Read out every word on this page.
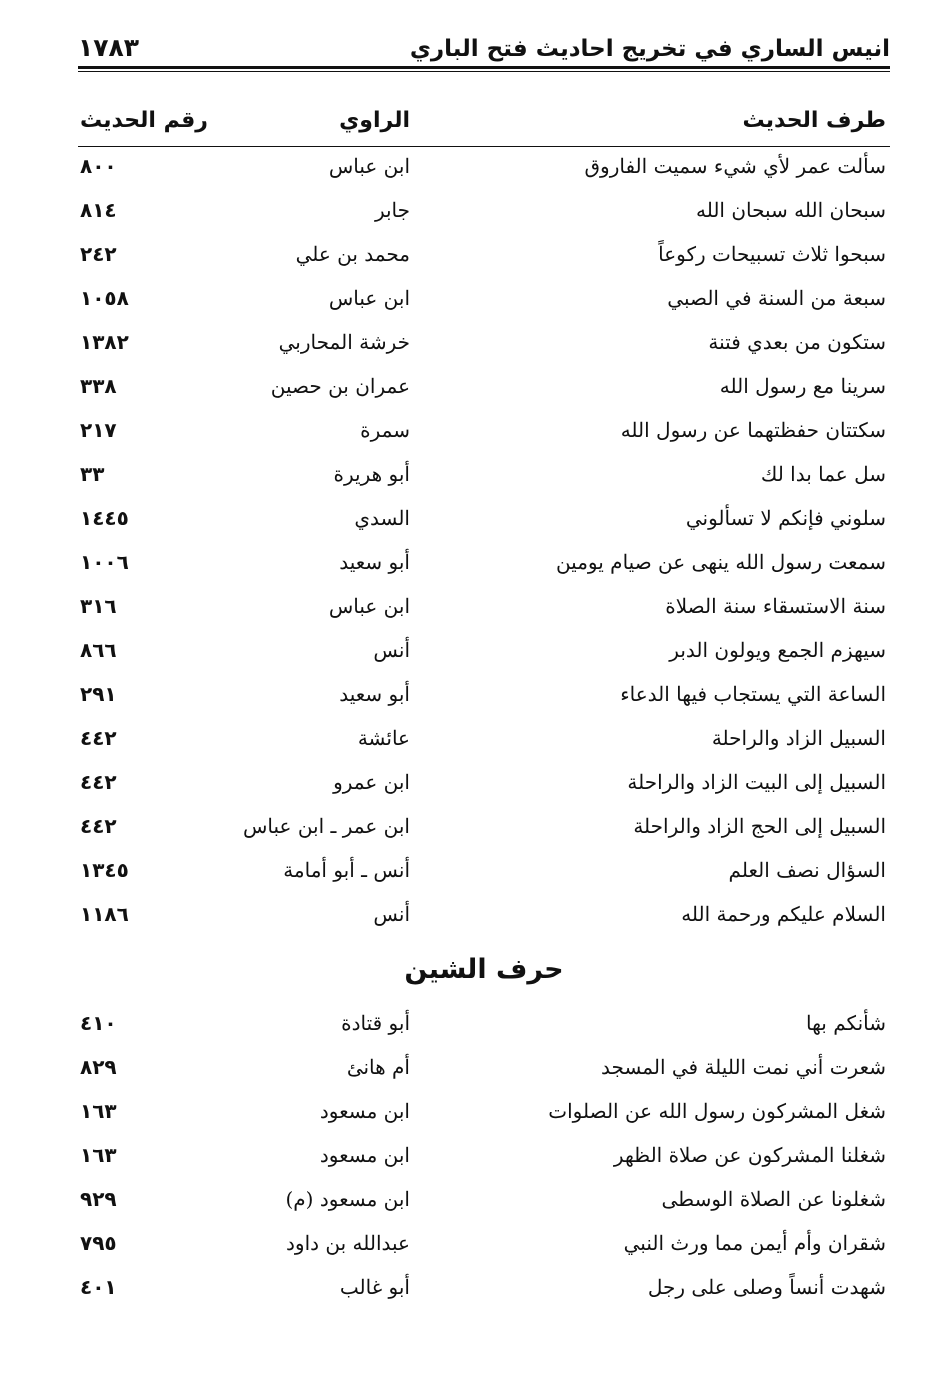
انيس الساري في تخريج احاديث فتح الباري
١٧٨٣
طرف الحديث
الراوي
رقم الحديث
سألت عمر لأي شيء سميت الفاروق
ابن عباس
٨٠٠
سبحان الله سبحان الله
جابر
٨١٤
سبحوا ثلاث تسبيحات ركوعاً
محمد بن علي
٢٤٢
سبعة من السنة في الصبي
ابن عباس
١٠٥٨
ستكون من بعدي فتنة
خرشة المحاربي
١٣٨٢
سرينا مع رسول الله
عمران بن حصين
٣٣٨
سكتتان حفظتهما عن رسول الله
سمرة
٢١٧
سل عما بدا لك
أبو هريرة
٣٣
سلوني فإنكم لا تسألوني
السدي
١٤٤٥
سمعت رسول الله ينهى عن صيام يومين
أبو سعيد
١٠٠٦
سنة الاستسقاء سنة الصلاة
ابن عباس
٣١٦
سيهزم الجمع ويولون الدبر
أنس
٨٦٦
الساعة التي يستجاب فيها الدعاء
أبو سعيد
٢٩١
السبيل الزاد والراحلة
عائشة
٤٤٢
السبيل إلى البيت الزاد والراحلة
ابن عمرو
٤٤٢
السبيل إلى الحج الزاد والراحلة
ابن عمر ـ ابن عباس
٤٤٢
السؤال نصف العلم
أنس ـ أبو أمامة
١٣٤٥
السلام عليكم ورحمة الله
أنس
١١٨٦
حرف الشين
شأنكم بها
أبو قتادة
٤١٠
شعرت أني نمت الليلة في المسجد
أم هانئ
٨٢٩
شغل المشركون رسول الله عن الصلوات
ابن مسعود
١٦٣
شغلنا المشركون عن صلاة الظهر
ابن مسعود
١٦٣
شغلونا عن الصلاة الوسطى
ابن مسعود (م)
٩٢٩
شقران وأم أيمن مما ورث النبي
عبدالله بن داود
٧٩٥
شهدت أنساً وصلى على رجل
أبو غالب
٤٠١
